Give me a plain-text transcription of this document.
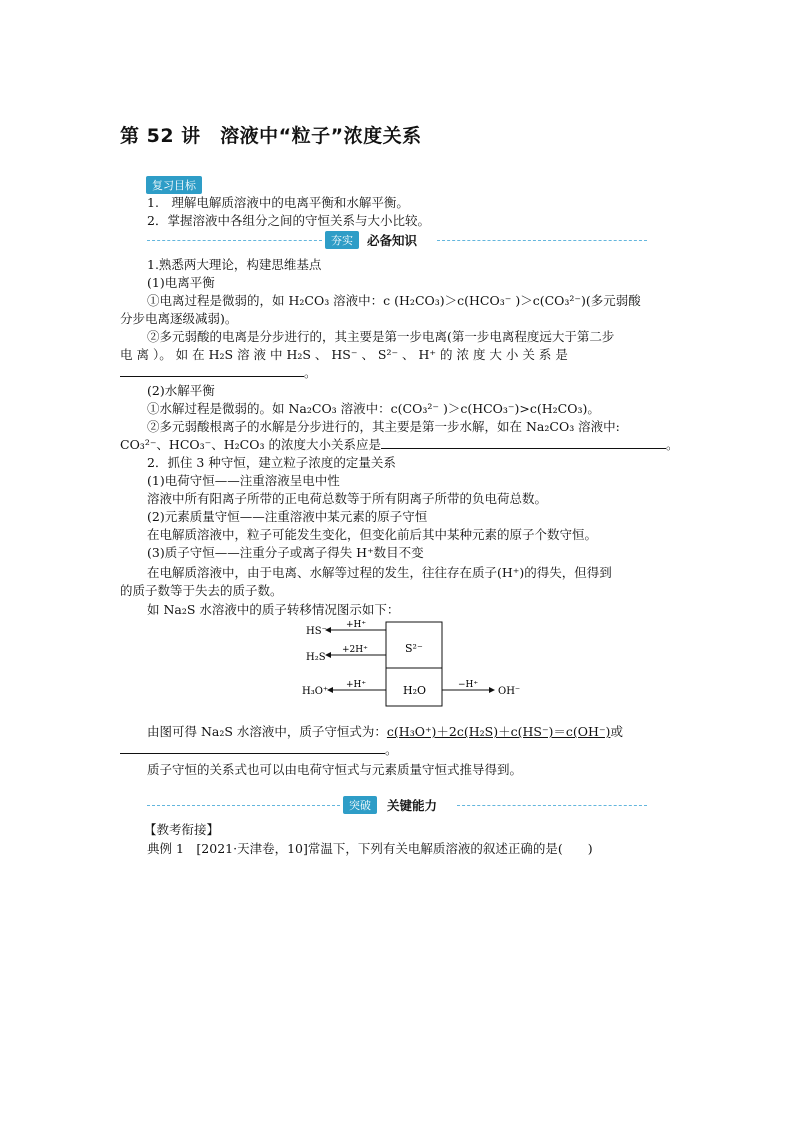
第 52 讲　溶液中“粒子”浓度关系
复习目标
1.　理解电解质溶液中的电离平衡和水解平衡。
2．掌握溶液中各组分之间的守恒关系与大小比较。
夯实	必备知识
1.熟悉两大理论，构建思维基点
(1)电离平衡
①电离过程是微弱的，如 H₂CO₃ 溶液中：c (H₂CO₃)＞c(HCO₃⁻ )＞c(CO₃²⁻)(多元弱酸
分步电离逐级减弱)。
②多元弱酸的电离是分步进行的，其主要是第一步电离(第一步电离程度远大于第二步
电 离 ）。 如 在 H₂S 溶 液 中 H₂S 、 HS⁻ 、 S²⁻ 、 H⁺ 的 浓 度 大 小 关 系 是
。
(2)水解平衡
①水解过程是微弱的。如 Na₂CO₃ 溶液中：c(CO₃²⁻ )＞c(HCO₃⁻)>c(H₂CO₃)。
②多元弱酸根离子的水解是分步进行的，其主要是第一步水解，如在 Na₂CO₃ 溶液中:
CO₃²⁻、HCO₃⁻、H₂CO₃ 的浓度大小关系应是	。
2．抓住 3 种守恒，建立粒子浓度的定量关系
(1)电荷守恒——注重溶液呈电中性
溶液中所有阳离子所带的正电荷总数等于所有阴离子所带的负电荷总数。
(2)元素质量守恒——注重溶液中某元素的原子守恒
在电解质溶液中，粒子可能发生变化，但变化前后其中某种元素的原子个数守恒。
(3)质子守恒——注重分子或离子得失 H⁺数目不变
在电解质溶液中，由于电离、水解等过程的发生，往往存在质子(H⁺)的得失，但得到
的质子数等于失去的质子数。
如 Na₂S 水溶液中的质子转移情况图示如下：
S²⁻
H₂O
+H⁺
HS⁻
+2H⁺
H₂S
+H⁺
H₃O⁺
−H⁺
OH⁻
由图可得 Na₂S 水溶液中，质子守恒式为：c(H₃O⁺)＋2c(H₂S)＋c(HS⁻)＝c(OH⁻)或
。
质子守恒的关系式也可以由电荷守恒式与元素质量守恒式推导得到。
突破	关键能力
【教考衔接】
典例 1　[2021·天津卷，10]常温下，下列有关电解质溶液的叙述正确的是(　　)
